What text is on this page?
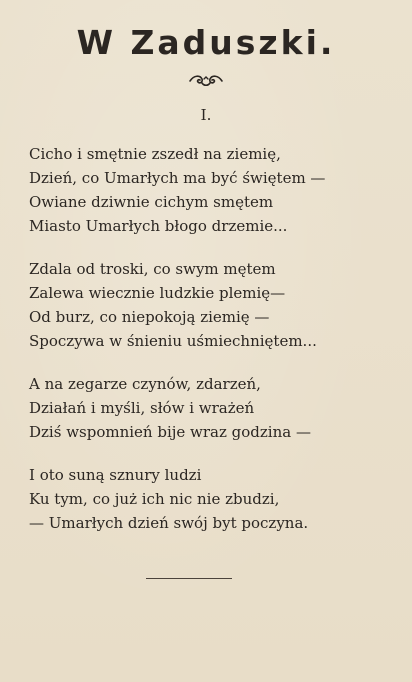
W Zaduszki.
I.
Cicho i smętnie zszedł na ziemię,
Dzień, co Umarłych ma być świętem —
Owiane dziwnie cichym smętem
Miasto Umarłych błogo drzemie...
Zdala od troski, co swym mętem
Zalewa wiecznie ludzkie plemię—
Od burz, co niepokoją ziemię —
Spoczywa w śnieniu uśmiechniętem...
A na zegarze czynów, zdarzeń,
Działań i myśli, słów i wrażeń
Dziś wspomnień bije wraz godzina —
I oto suną sznury ludzi
Ku tym, co już ich nic nie zbudzi,
— Umarłych dzień swój byt poczyna.
